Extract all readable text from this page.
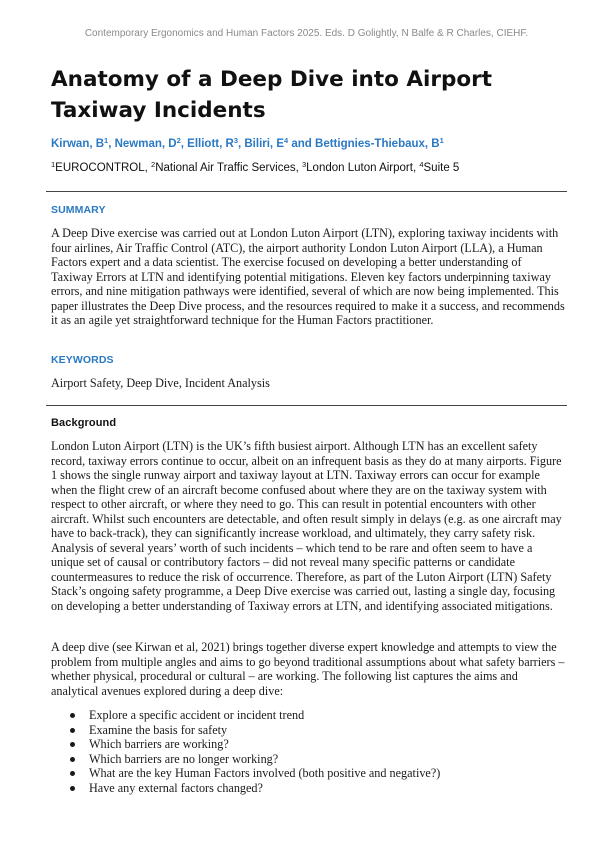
Contemporary Ergonomics and Human Factors 2025. Eds. D Golightly, N Balfe & R Charles, CIEHF.
Anatomy of a Deep Dive into Airport Taxiway Incidents
Kirwan, $B^1$, Newman, $D^2$, Elliott, $R^3$, Biliri, $E^4$ and Bettignies-Thiebaux, $B^1$
$^1$EUROCONTROL, $^2$National Air Traffic Services, $^3$London Luton Airport, $^4$Suite 5
SUMMARY

A Deep Dive exercise was carried out at London Luton Airport (LTN), exploring taxiway incidents with four airlines, Air Traffic Control (ATC), the airport authority London Luton Airport (LLA), a Human Factors expert and a data scientist. The exercise focused on developing a better understanding of Taxiway Errors at LTN and identifying potential mitigations. Eleven key factors underpinning taxiway errors, and nine mitigation pathways were identified, several of which are now being implemented. This paper illustrates the Deep Dive process, and the resources required to make it a success, and recommends it as an agile yet straightforward technique for the Human Factors practitioner.

KEYWORDS

Airport Safety, Deep Dive, Incident Analysis

Background

London Luton Airport (LTN) is the UK’s fifth busiest airport. Although LTN has an excellent safety record, taxiway errors continue to occur, albeit on an infrequent basis as they do at many airports. Figure 1 shows the single runway airport and taxiway layout at LTN. Taxiway errors can occur for example when the flight crew of an aircraft become confused about where they are on the taxiway system with respect to other aircraft, or where they need to go. This can result in potential encounters with other aircraft. Whilst such encounters are detectable, and often result simply in delays (e.g. as one aircraft may have to back-track), they can significantly increase workload, and ultimately, they carry safety risk. Analysis of several years’ worth of such incidents – which tend to be rare and often seem to have a unique set of causal or contributory factors – did not reveal many specific patterns or candidate countermeasures to reduce the risk of occurrence. Therefore, as part of the Luton Airport (LTN) Safety Stack’s ongoing safety programme, a Deep Dive exercise was carried out, lasting a single day, focusing on developing a better understanding of Taxiway errors at LTN, and identifying associated mitigations.

A deep dive (see Kirwan et al, 2021) brings together diverse expert knowledge and attempts to view the problem from multiple angles and aims to go beyond traditional assumptions about what safety barriers – whether physical, procedural or cultural – are working. The following list captures the aims and analytical avenues explored during a deep dive:

Explore a specific accident or incident trend
Examine the basis for safety
Which barriers are working?
Which barriers are no longer working?
What are the key Human Factors involved (both positive and negative?)
Have any external factors changed?
